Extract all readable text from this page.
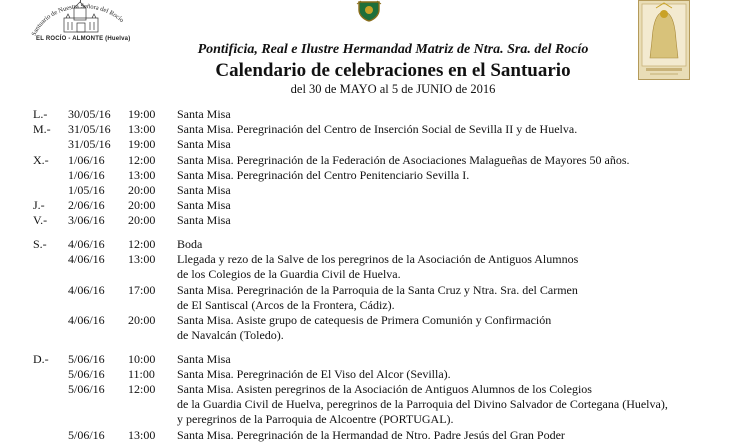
Santuario de Nuestra Señora del Rocío
EL ROCÍO - ALMONTE (Huelva)
Pontificia, Real e Ilustre Hermandad Matriz de Ntra. Sra. del Rocío
Calendario de celebraciones en el Santuario
del 30 de MAYO al 5 de JUNIO de 2016
L.- 30/05/16 19:00 Santa Misa
M.- 31/05/16 13:00 Santa Misa. Peregrinación del Centro de Inserción Social de Sevilla II y de Huelva.
31/05/16 19:00 Santa Misa
X.- 1/06/16 12:00 Santa Misa. Peregrinación de la Federación de Asociaciones Malagueñas de Mayores 50 años.
1/06/16 13:00 Santa Misa. Peregrinación del Centro Penitenciario Sevilla I.
1/05/16 20:00 Santa Misa
J.- 2/06/16 20:00 Santa Misa
V.- 3/06/16 20:00 Santa Misa
S.- 4/06/16 12:00 Boda
4/06/16 13:00 Llegada y rezo de la Salve de los peregrinos de la Asociación de Antiguos Alumnos
de los Colegios de la Guardia Civil de Huelva.
4/06/16 17:00 Santa Misa. Peregrinación de la Parroquia de la Santa Cruz y Ntra. Sra. del Carmen
de El Santiscal (Arcos de la Frontera, Cádiz).
4/06/16 20:00 Santa Misa. Asiste grupo de catequesis de Primera Comunión y Confirmación
de Navalcán (Toledo).
D.- 5/06/16 10:00 Santa Misa
5/06/16 11:00 Santa Misa. Peregrinación de El Viso del Alcor (Sevilla).
5/06/16 12:00 Santa Misa. Asisten peregrinos de la Asociación de Antiguos Alumnos de los Colegios
de la Guardia Civil de Huelva, peregrinos de la Parroquia del Divino Salvador de Cortegana (Huelva),
y peregrinos de la Parroquia de Alcoentre (PORTUGAL).
5/06/16 13:00 Santa Misa. Peregrinación de la Hermandad de Ntro. Padre Jesús del Gran Poder
